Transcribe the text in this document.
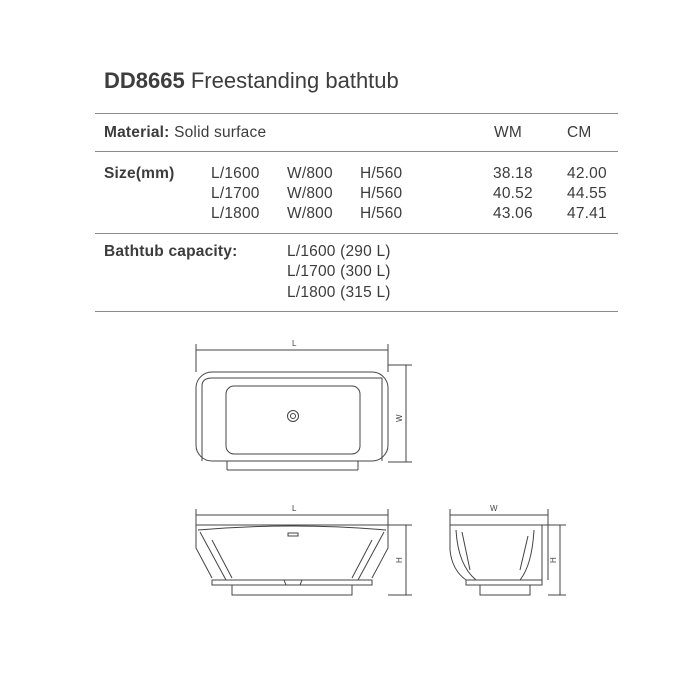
DD8665 Freestanding bathtub
Material: Solid surface	WM	CM
Size(mm) L/1600 W/800 H/560	38.18 42.00
L/1700 W/800 H/560	40.52 44.55
L/1800 W/800 H/560	43.06 47.41
Bathtub capacity:	L/1600 (290 L)
L/1700 (300 L)
L/1800 (315 L)
L
W
L
H
W
H
